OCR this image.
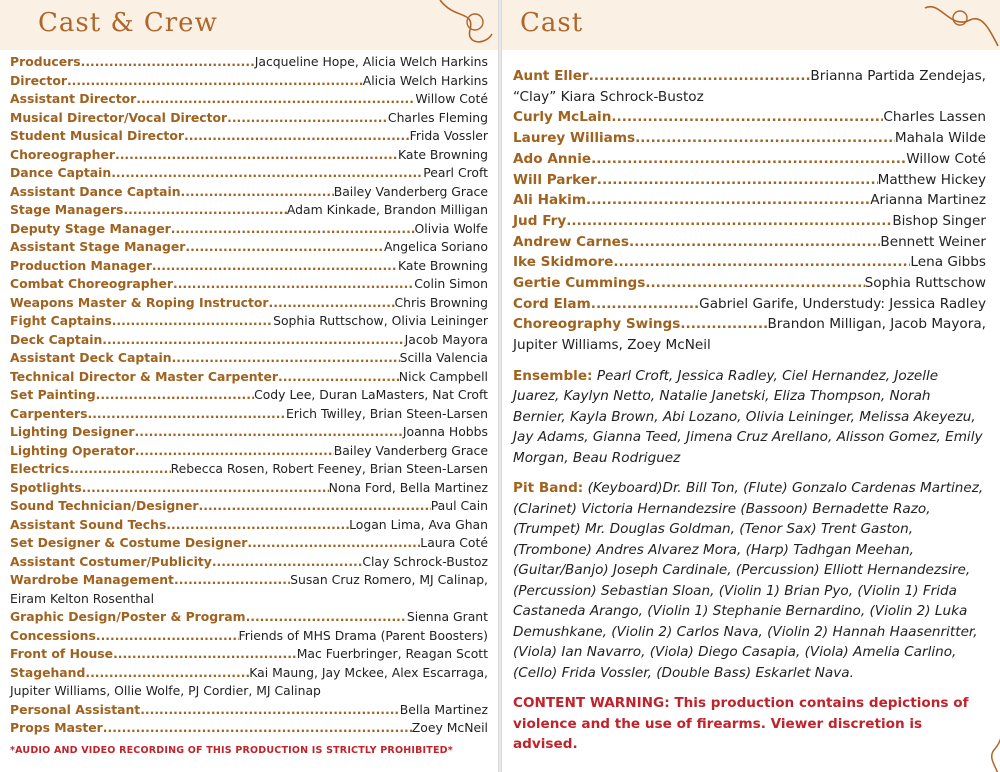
Cast & Crew
Producers .....	Jacqueline Hope, Alicia Welch Harkins
Director .....	Alicia Welch Harkins
Assistant Director .....	Willow Coté
Musical Director/Vocal Director .....	Charles Fleming
Student Musical Director .....	Frida Vossler
Choreographer .....	Kate Browning
Dance Captain .....	Pearl Croft
Assistant Dance Captain .....	Bailey Vanderberg Grace
Stage Managers .....	Adam Kinkade, Brandon Milligan
Deputy Stage Manager .....	Olivia Wolfe
Assistant Stage Manager .....	Angelica Soriano
Production Manager .....	Kate Browning
Combat Choreographer .....	Colin Simon
Weapons Master & Roping Instructor .....	Chris Browning
Fight Captains .....	Sophia Ruttschow, Olivia Leininger
Deck Captain .....	Jacob Mayora
Assistant Deck Captain .....	Scilla Valencia
Technical Director & Master Carpenter .....	Nick Campbell
Set Painting .....	Cody Lee, Duran LaMasters, Nat Croft
Carpenters .....	Erich Twilley, Brian Steen-Larsen
Lighting Designer .....	Joanna Hobbs
Lighting Operator .....	Bailey Vanderberg Grace
Electrics .....	Rebecca Rosen, Robert Feeney, Brian Steen-Larsen
Spotlights .....	Nona Ford, Bella Martinez
Sound Technician/Designer .....	Paul Cain
Assistant Sound Techs .....	Logan Lima, Ava Ghan
Set Designer & Costume Designer .....	Laura Coté
Assistant Costumer/Publicity .....	Clay Schrock-Bustoz
Wardrobe Management .....	Susan Cruz Romero, MJ Calinap,
Eiram Kelton Rosenthal
Graphic Design/Poster & Program .....	Sienna Grant
Concessions .....	Friends of MHS Drama (Parent Boosters)
Front of House .....	Mac Fuerbringer, Reagan Scott
Stagehand .....	Kai Maung, Jay Mckee, Alex Escarraga,
Jupiter Williams, Ollie Wolfe, PJ Cordier, MJ Calinap
Personal Assistant .....	Bella Martinez
Props Master .....	Zoey McNeil
*AUDIO AND VIDEO RECORDING OF THIS PRODUCTION IS STRICTLY PROHIBITED*
Cast
Aunt Eller .....	Brianna Partida Zendejas,
“Clay” Kiara Schrock-Bustoz
Curly McLain .....	Charles Lassen
Laurey Williams .....	Mahala Wilde
Ado Annie .....	Willow Coté
Will Parker .....	Matthew Hickey
Ali Hakim .....	Arianna Martinez
Jud Fry .....	Bishop Singer
Andrew Carnes .....	Bennett Weiner
Ike Skidmore .....	Lena Gibbs
Gertie Cummings .....	Sophia Ruttschow
Cord Elam .....	Gabriel Garife, Understudy: Jessica Radley
Choreography Swings .....	Brandon Milligan, Jacob Mayora,
Jupiter Williams, Zoey McNeil
Ensemble: Pearl Croft, Jessica Radley, Ciel Hernandez, Jozelle Juarez, Kaylyn Netto, Natalie Janetski, Eliza Thompson, Norah Bernier, Kayla Brown, Abi Lozano, Olivia Leininger, Melissa Akeyezu, Jay Adams, Gianna Teed, Jimena Cruz Arellano, Alisson Gomez, Emily Morgan, Beau Rodriguez
Pit Band: (Keyboard)Dr. Bill Ton, (Flute) Gonzalo Cardenas Martinez, (Clarinet) Victoria Hernandezsire (Bassoon) Bernadette Razo, (Trumpet) Mr. Douglas Goldman, (Tenor Sax) Trent Gaston, (Trombone) Andres Alvarez Mora, (Harp) Tadhgan Meehan, (Guitar/Banjo) Joseph Cardinale, (Percussion) Elliott Hernandezsire, (Percussion) Sebastian Sloan, (Violin 1) Brian Pyo, (Violin 1) Frida Castaneda Arango, (Violin 1) Stephanie Bernardino, (Violin 2) Luka Demushkane, (Violin 2) Carlos Nava, (Violin 2) Hannah Haasenritter, (Viola) Ian Navarro, (Viola) Diego Casapia, (Viola) Amelia Carlino, (Cello) Frida Vossler, (Double Bass) Eskarlet Nava.
CONTENT WARNING: This production contains depictions of violence and the use of firearms. Viewer discretion is advised.
